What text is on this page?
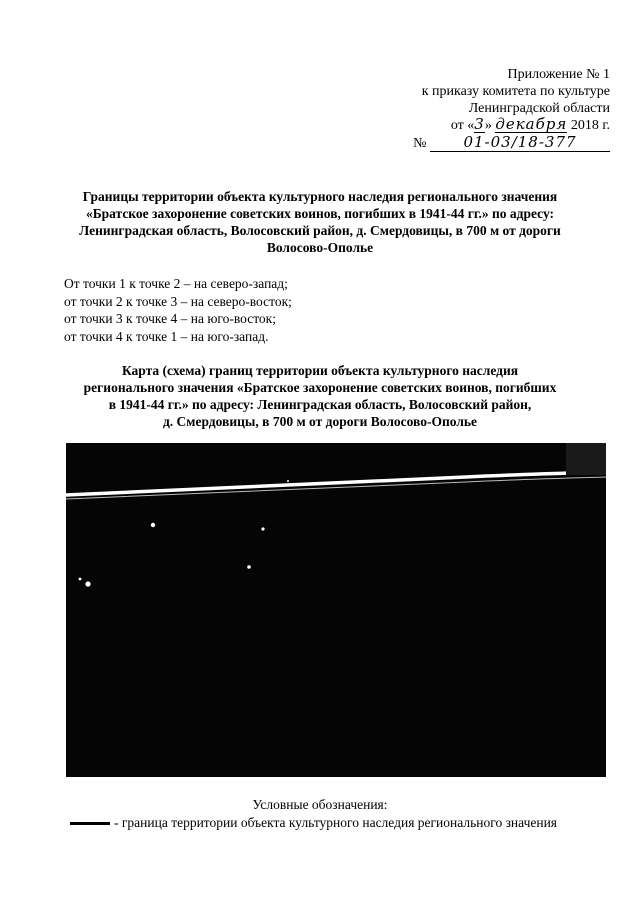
Приложение № 1
к приказу комитета по культуре
Ленинградской области
от «3» декабря 2018 г.
№ 01-03/18-377
Границы территории объекта культурного наследия регионального значения
«Братское захоронение советских воинов, погибших в 1941-44 гг.» по адресу:
Ленинградская область, Волосовский район, д. Смердовицы, в 700 м от дороги
Волосово-Ополье
От точки 1 к точке 2 – на северо-запад;
от точки 2 к точке 3 – на северо-восток;
от точки 3 к точке 4 – на юго-восток;
от точки 4 к точке 1 – на юго-запад.
Карта (схема) границ территории объекта культурного наследия
регионального значения «Братское захоронение советских воинов, погибших
в 1941-44 гг.» по адресу: Ленинградская область, Волосовский район,
д. Смердовицы, в 700 м от дороги Волосово-Ополье
Условные обозначения:
- граница территории объекта культурного наследия регионального значения
